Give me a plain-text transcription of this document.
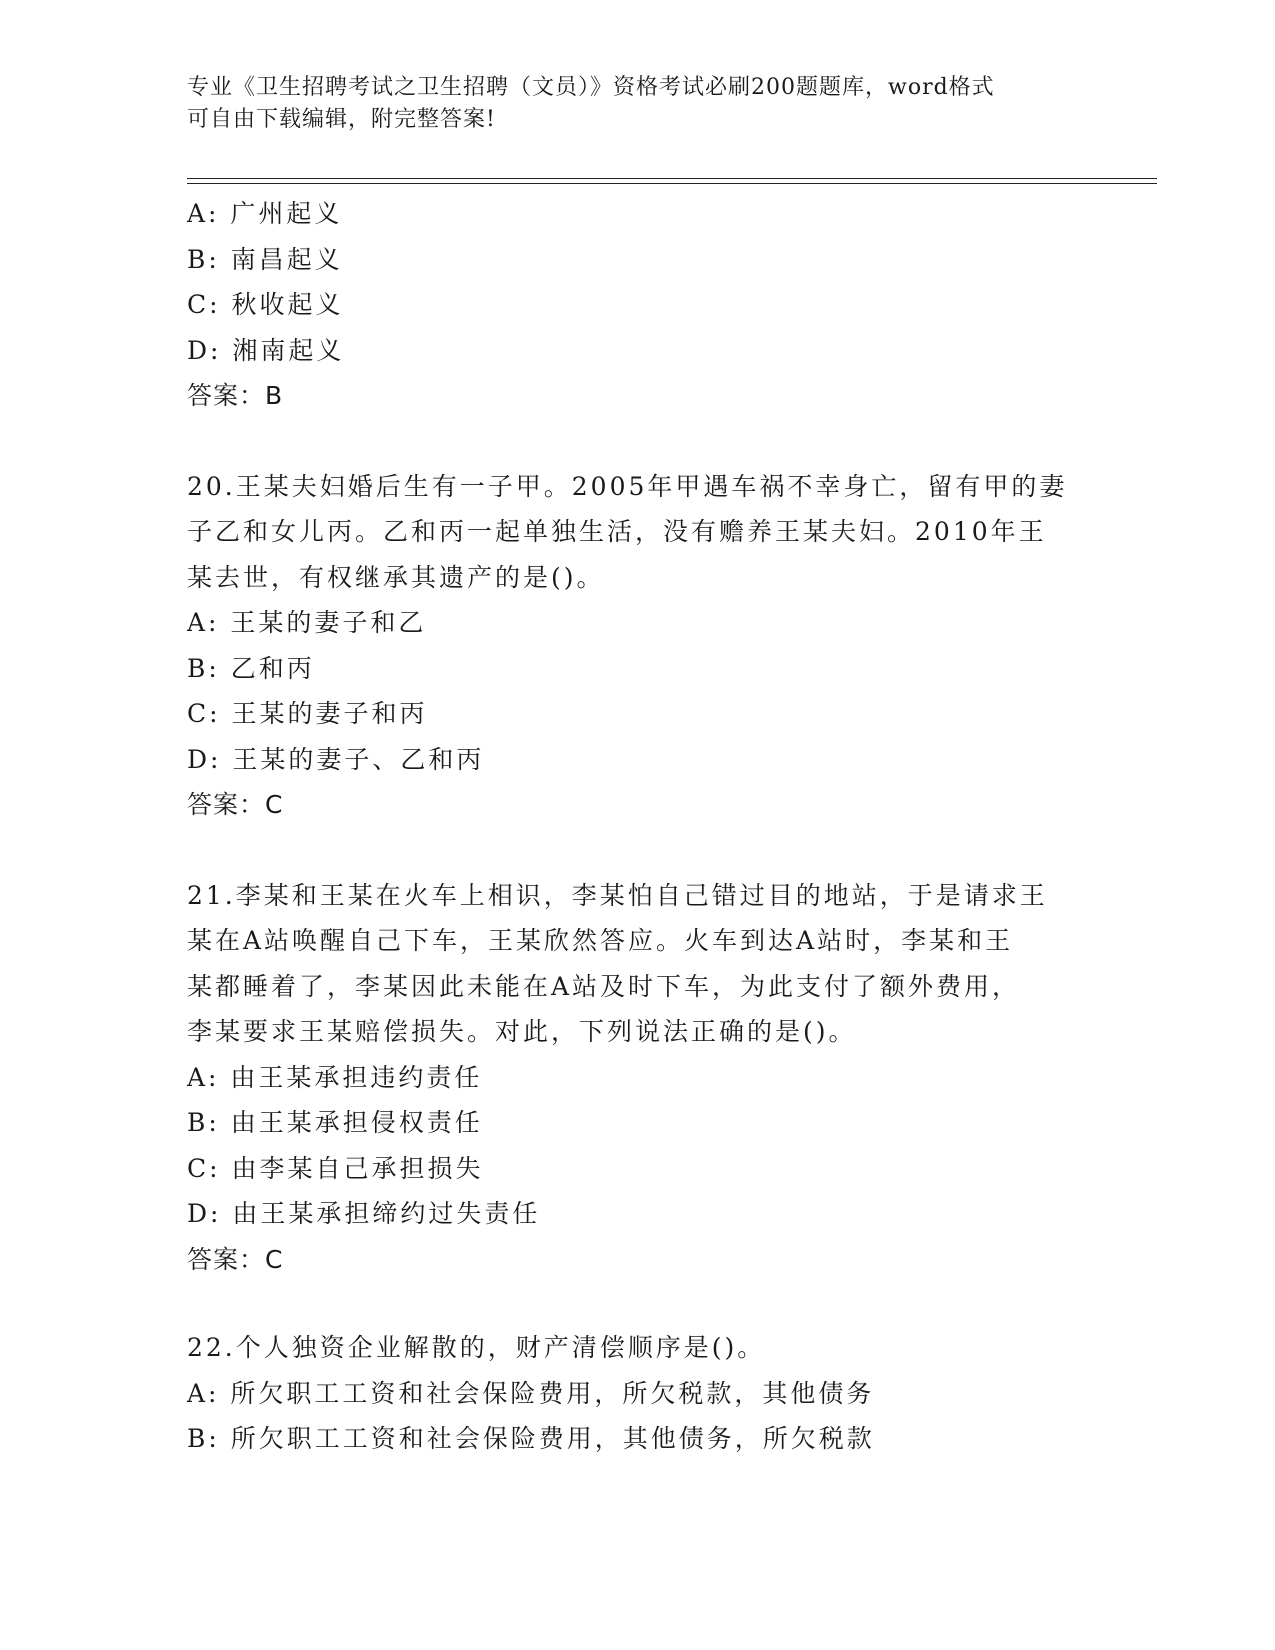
专业《卫生招聘考试之卫生招聘（文员）》资格考试必刷200题题库，word格式
可自由下载编辑，附完整答案!
A: 广州起义
B: 南昌起义
C: 秋收起义
D: 湘南起义
答案：B
20.王某夫妇婚后生有一子甲。2005年甲遇车祸不幸身亡，留有甲的妻
子乙和女儿丙。乙和丙一起单独生活，没有赡养王某夫妇。2010年王
某去世，有权继承其遗产的是()。
A: 王某的妻子和乙
B: 乙和丙
C: 王某的妻子和丙
D: 王某的妻子、乙和丙
答案：C
21.李某和王某在火车上相识，李某怕自己错过目的地站，于是请求王
某在A站唤醒自己下车，王某欣然答应。火车到达A站时，李某和王
某都睡着了，李某因此未能在A站及时下车，为此支付了额外费用，
李某要求王某赔偿损失。对此，下列说法正确的是()。
A: 由王某承担违约责任
B: 由王某承担侵权责任
C: 由李某自己承担损失
D: 由王某承担缔约过失责任
答案：C
22.个人独资企业解散的，财产清偿顺序是()。
A: 所欠职工工资和社会保险费用，所欠税款，其他债务
B: 所欠职工工资和社会保险费用，其他债务，所欠税款
